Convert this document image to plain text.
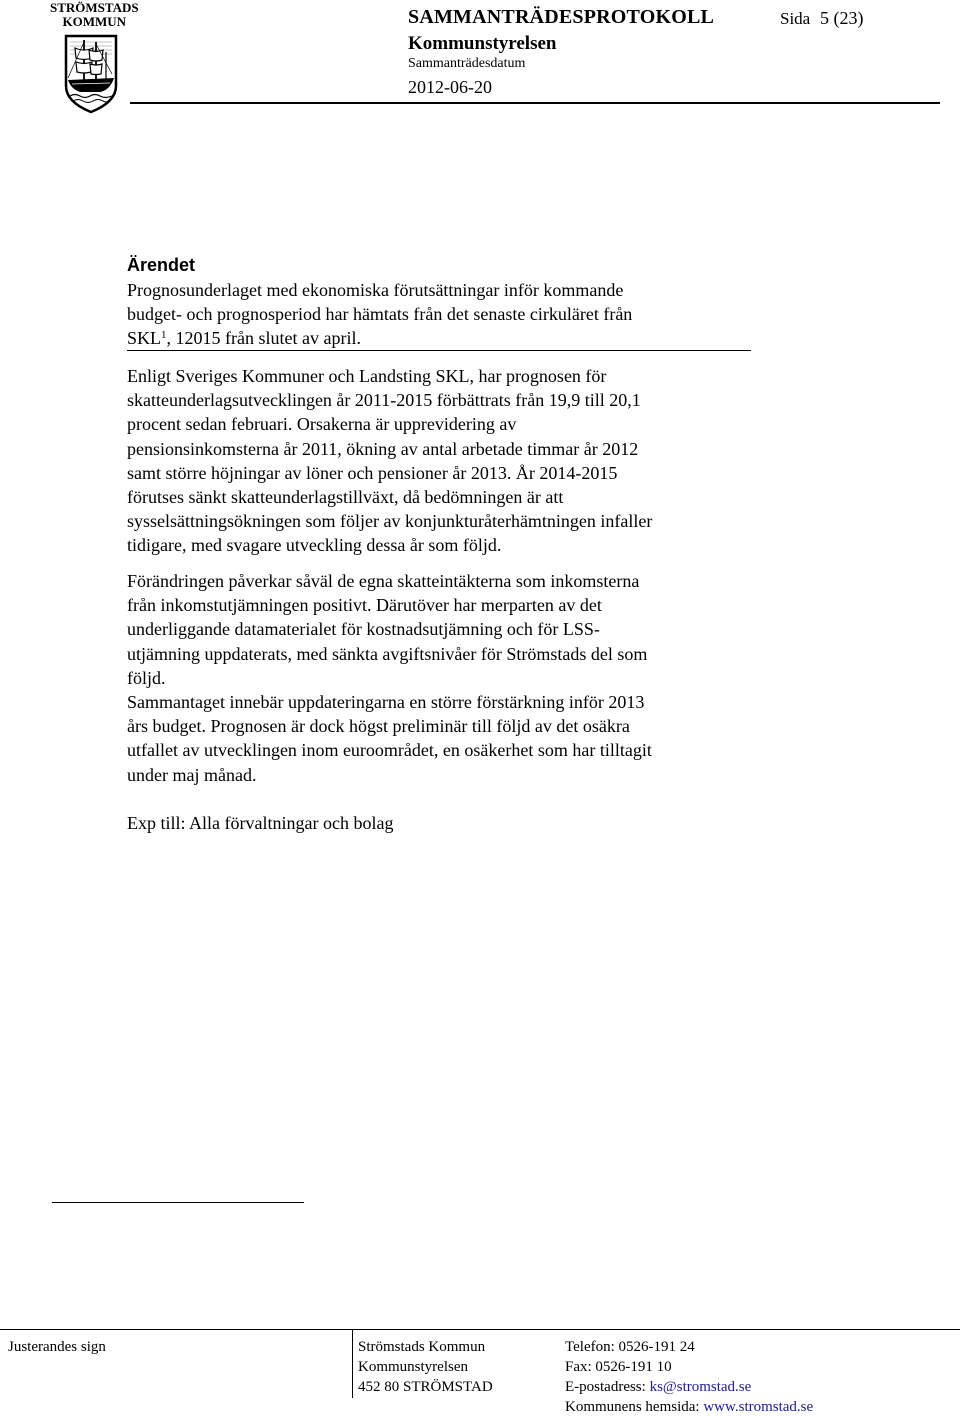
STRÖMSTADS
KOMMUN	SAMMANTRÄDESPROTOKOLL	Sida 5 (23)
Kommunstyrelsen
Sammanträdesdatum
2012-06-20
Ärendet
Prognosunderlaget med ekonomiska förutsättningar inför kommande
budget- och prognosperiod har hämtats från det senaste cirkuläret från
SKL$^1$, 12015 från slutet av april.
Enligt Sveriges Kommuner och Landsting SKL, har prognosen för
skatteunderlagsutvecklingen år 2011-2015 förbättrats från 19,9 till 20,1
procent sedan februari. Orsakerna är upprevidering av
pensionsinkomsterna år 2011, ökning av antal arbetade timmar år 2012
samt större höjningar av löner och pensioner år 2013. År 2014-2015
förutses sänkt skatteunderlagstillväxt, då bedömningen är att
sysselsättningsökningen som följer av konjunkturåterhämtningen infaller
tidigare, med svagare utveckling dessa år som följd.
Förändringen påverkar såväl de egna skatteintäkterna som inkomsterna
från inkomstutjämningen positivt. Därutöver har merparten av det
underliggande datamaterialet för kostnadsutjämning och för LSS-
utjämning uppdaterats, med sänkta avgiftsnivåer för Strömstads del som
följd.
Sammantaget innebär uppdateringarna en större förstärkning inför 2013
års budget. Prognosen är dock högst preliminär till följd av det osäkra
utfallet av utvecklingen inom euroområdet, en osäkerhet som har tilltagit
under maj månad.
Exp till: Alla förvaltningar och bolag
Justerandes sign	Strömstads Kommun
Kommunstyrelsen
452 80 STRÖMSTAD
Telefon: 0526-191 24
Fax: 0526-191 10
E-postadress: ks@stromstad.se
Kommunens hemsida: www.stromstad.se
